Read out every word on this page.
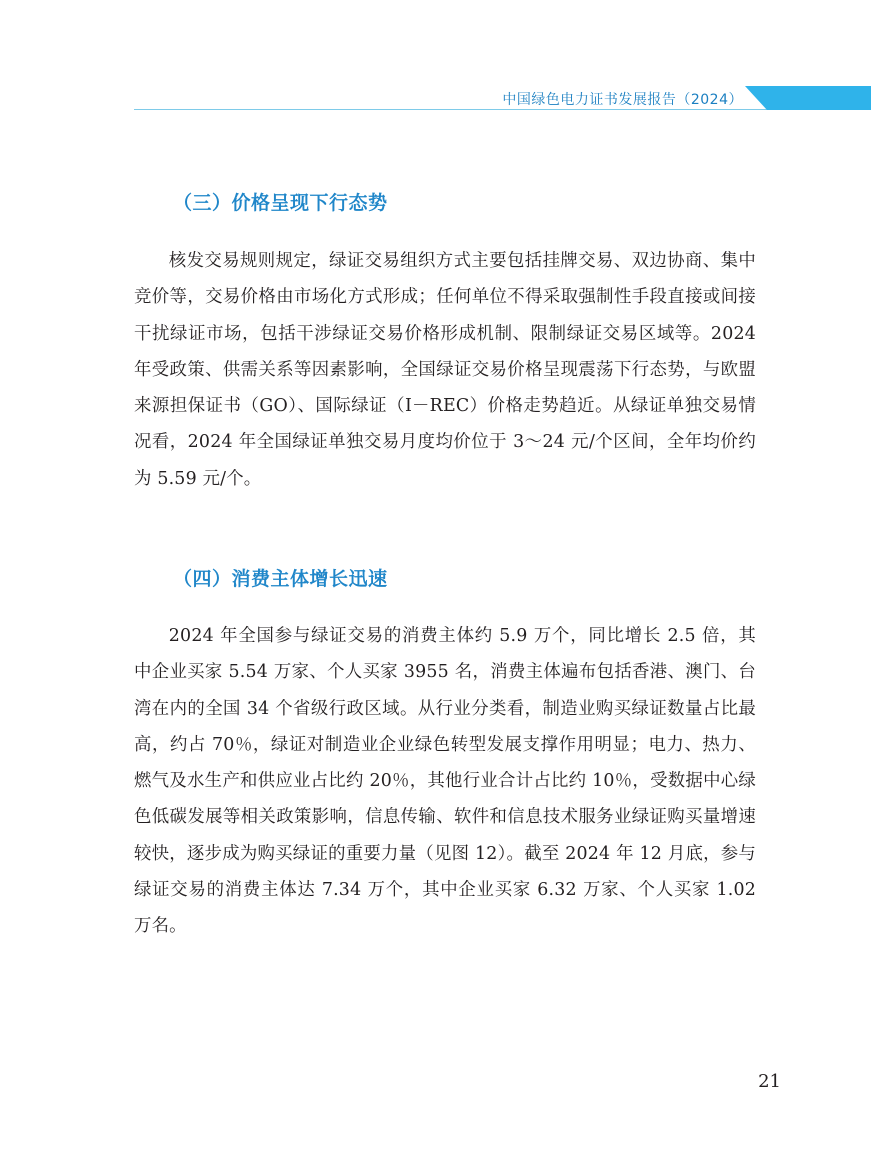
中国绿色电力证书发展报告（2024）
（三）价格呈现下行态势

核发交易规则规定，绿证交易组织方式主要包括挂牌交易、双边协商、集中竞价等，交易价格由市场化方式形成；任何单位不得采取强制性手段直接或间接干扰绿证市场，包括干涉绿证交易价格形成机制、限制绿证交易区域等。2024 年受政策、供需关系等因素影响，全国绿证交易价格呈现震荡下行态势，与欧盟来源担保证书（GO）、国际绿证（I－REC）价格走势趋近。从绿证单独交易情况看，2024 年全国绿证单独交易月度均价位于 3～24 元/个区间，全年均价约为 5.59 元/个。

（四）消费主体增长迅速

2024 年全国参与绿证交易的消费主体约 5.9 万个，同比增长 2.5 倍，其中企业买家 5.54 万家、个人买家 3955 名，消费主体遍布包括香港、澳门、台湾在内的全国 34 个省级行政区域。从行业分类看，制造业购买绿证数量占比最高，约占 70％，绿证对制造业企业绿色转型发展支撑作用明显；电力、热力、燃气及水生产和供应业占比约 20％，其他行业合计占比约 10％，受数据中心绿色低碳发展等相关政策影响，信息传输、软件和信息技术服务业绿证购买量增速较快，逐步成为购买绿证的重要力量（见图 12）。截至 2024 年 12 月底，参与绿证交易的消费主体达 7.34 万个，其中企业买家 6.32 万家、个人买家 1.02 万名。

21
